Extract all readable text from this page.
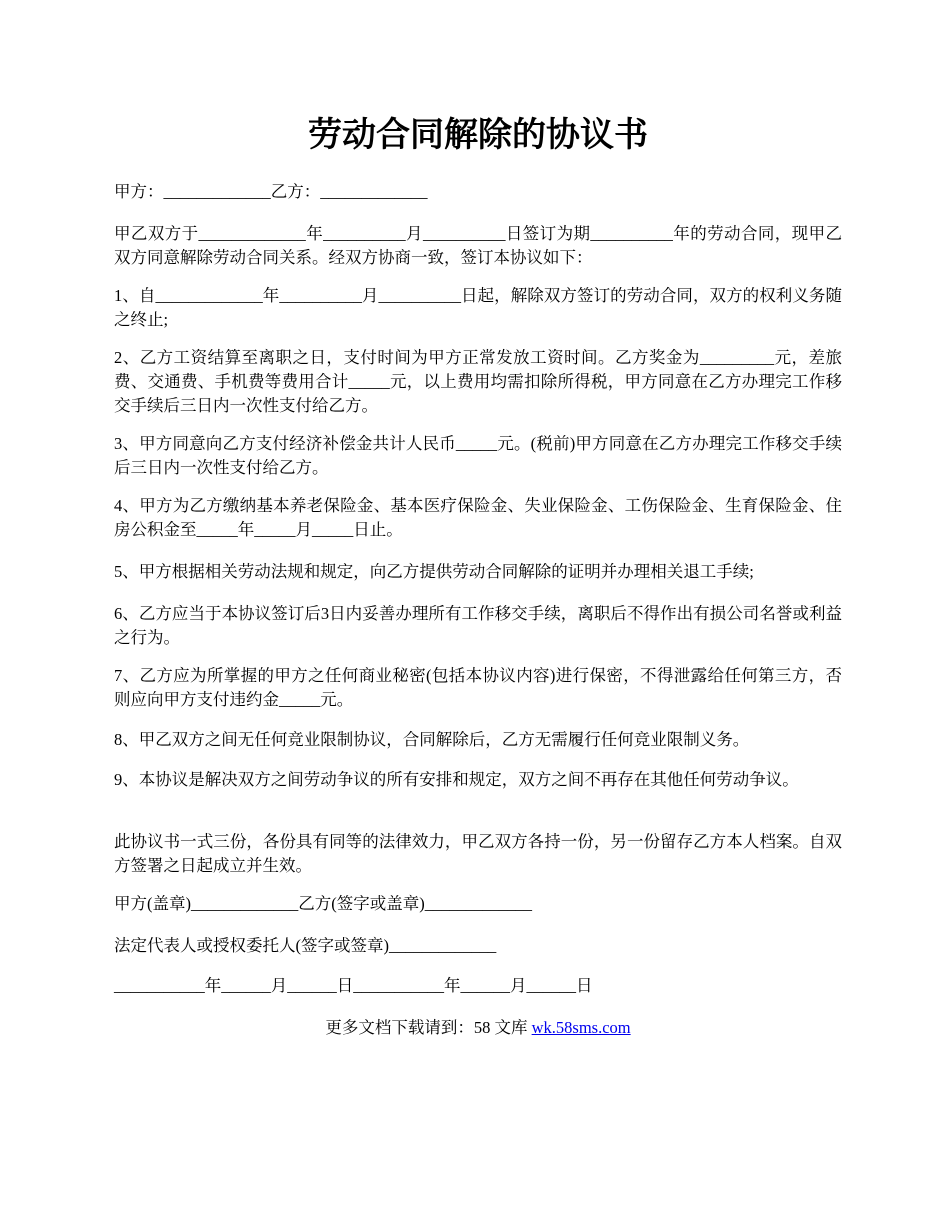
劳动合同解除的协议书

甲方：_____________乙方：_____________

甲乙双方于_____________年__________月__________日签订为期__________年的劳动合同，现甲乙双方同意解除劳动合同关系。经双方协商一致，签订本协议如下：

1、自_____________年__________月__________日起，解除双方签订的劳动合同，双方的权利义务随之终止;

2、乙方工资结算至离职之日，支付时间为甲方正常发放工资时间。乙方奖金为_________元，差旅费、交通费、手机费等费用合计_____元，以上费用均需扣除所得税，甲方同意在乙方办理完工作移交手续后三日内一次性支付给乙方。

3、甲方同意向乙方支付经济补偿金共计人民币_____元。(税前)甲方同意在乙方办理完工作移交手续后三日内一次性支付给乙方。

4、甲方为乙方缴纳基本养老保险金、基本医疗保险金、失业保险金、工伤保险金、生育保险金、住房公积金至_____年_____月_____日止。

5、甲方根据相关劳动法规和规定，向乙方提供劳动合同解除的证明并办理相关退工手续;

6、乙方应当于本协议签订后3日内妥善办理所有工作移交手续，离职后不得作出有损公司名誉或利益之行为。

7、乙方应为所掌握的甲方之任何商业秘密(包括本协议内容)进行保密，不得泄露给任何第三方，否则应向甲方支付违约金_____元。

8、甲乙双方之间无任何竞业限制协议，合同解除后，乙方无需履行任何竞业限制义务。

9、本协议是解决双方之间劳动争议的所有安排和规定，双方之间不再存在其他任何劳动争议。

此协议书一式三份，各份具有同等的法律效力，甲乙双方各持一份，另一份留存乙方本人档案。自双方签署之日起成立并生效。

甲方(盖章)_____________乙方(签字或盖章)_____________

法定代表人或授权委托人(签字或签章)_____________

___________年______月______日___________年______月______日

更多文档下载请到：58 文库 wk.58sms.com
